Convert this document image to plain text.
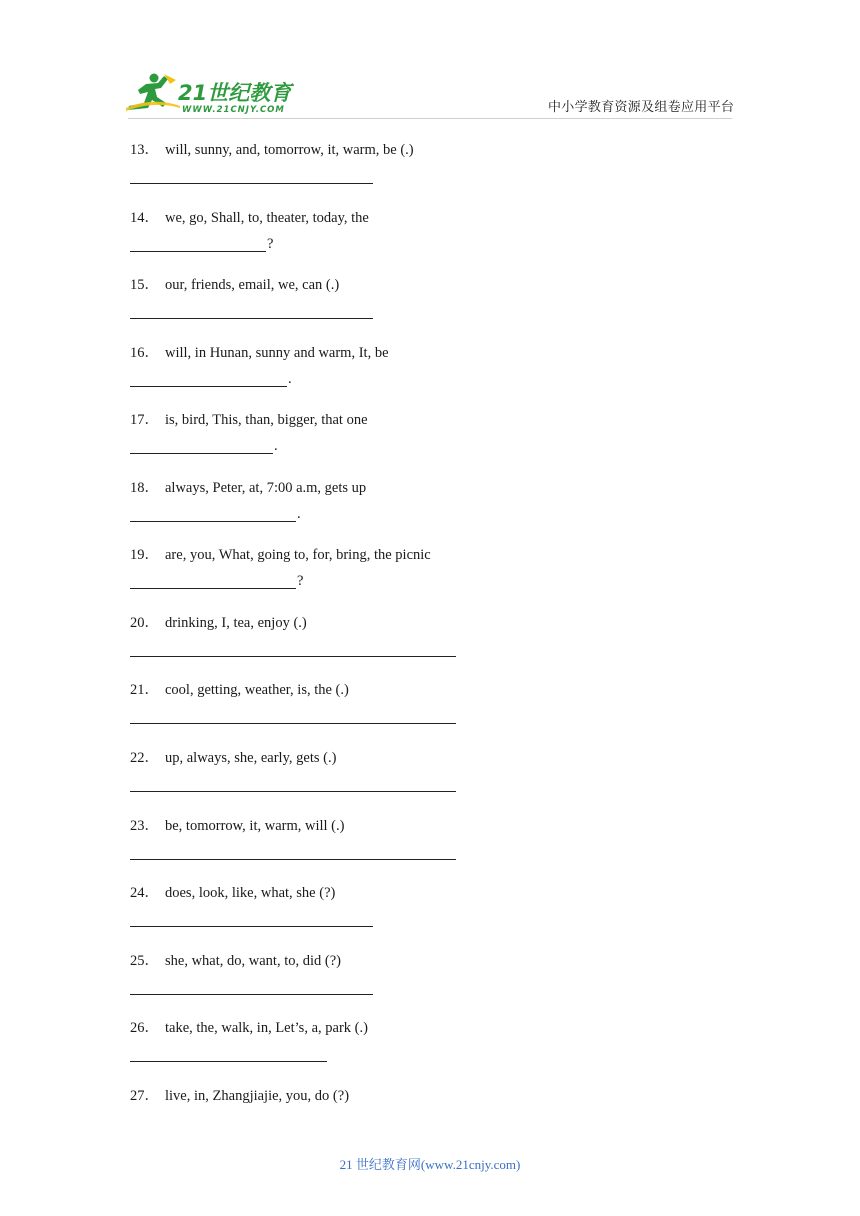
21世纪教育
WWW.21CNJY.COM	中小学教育资源及组卷应用平台
13． will, sunny, and, tomorrow, it, warm, be (.)
14． we, go, Shall, to, theater, today, the
?
15． our, friends, email, we, can (.)
16． will, in Hunan, sunny and warm, It, be
.
17． is, bird, This, than, bigger, that one
.
18． always, Peter, at, 7:00 a.m, gets up
.
19． are, you, What, going to, for, bring, the picnic
?
20． drinking, I, tea, enjoy (.)
21． cool, getting, weather, is, the (.)
22． up, always, she, early, gets (.)
23． be, tomorrow, it, warm, will (.)
24． does, look, like, what, she (?)
25． she, what, do, want, to, did (?)
26． take, the, walk, in, Let’s, a, park (.)
27． live, in, Zhangjiajie, you, do (?)
21 世纪教育网(www.21cnjy.com)
